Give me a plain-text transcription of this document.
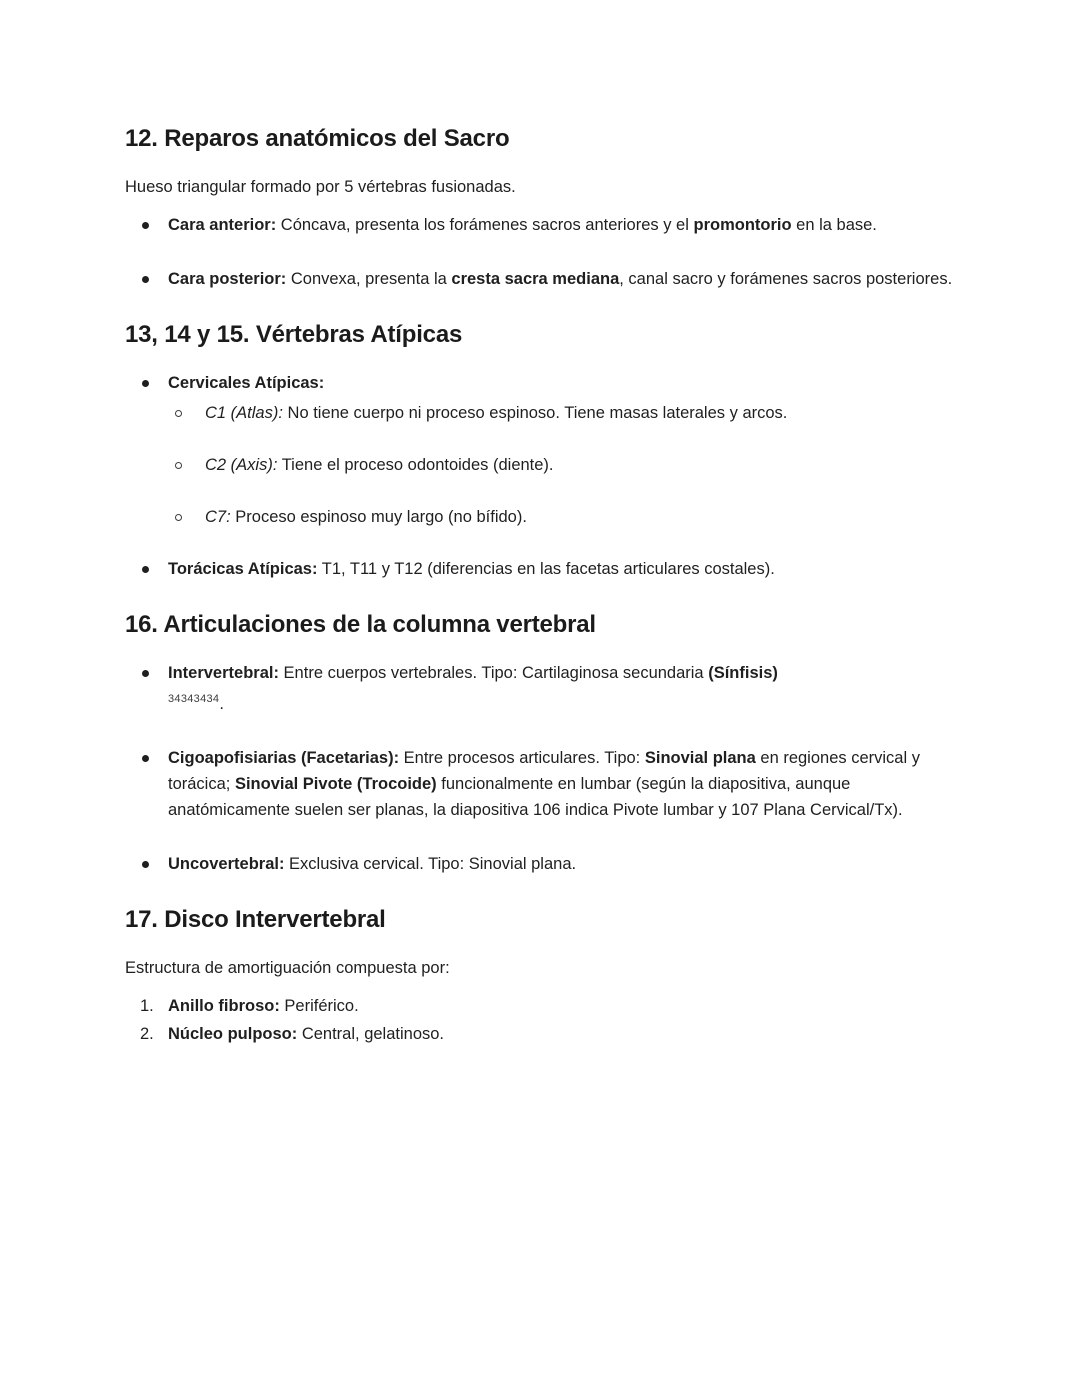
12. Reparos anatómicos del Sacro

Hueso triangular formado por 5 vértebras fusionadas.

Cara anterior: Cóncava, presenta los forámenes sacros anteriores y el promontorio en la base.
Cara posterior: Convexa, presenta la cresta sacra mediana, canal sacro y forámenes sacros posteriores.
13, 14 y 15. Vértebras Atípicas
Cervicales Atípicas:
C1 (Atlas): No tiene cuerpo ni proceso espinoso. Tiene masas laterales y arcos.
C2 (Axis): Tiene el proceso odontoides (diente).
C7: Proceso espinoso muy largo (no bífido).
Torácicas Atípicas: T1, T11 y T12 (diferencias en las facetas articulares costales).
16. Articulaciones de la columna vertebral
Intervertebral: Entre cuerpos vertebrales. Tipo: Cartilaginosa secundaria (Sínfisis)
$^{34343434}$.
Cigoapofisiarias (Facetarias): Entre procesos articulares. Tipo: Sinovial plana en regiones cervical y torácica; Sinovial Pivote (Trocoide) funcionalmente en lumbar (según la diapositiva, aunque anatómicamente suelen ser planas, la diapositiva 106 indica Pivote lumbar y 107 Plana Cervical/Tx).
Uncovertebral: Exclusiva cervical. Tipo: Sinovial plana.
17. Disco Intervertebral

Estructura de amortiguación compuesta por:

1. Anillo fibroso: Periférico.
2. Núcleo pulposo: Central, gelatinoso.
